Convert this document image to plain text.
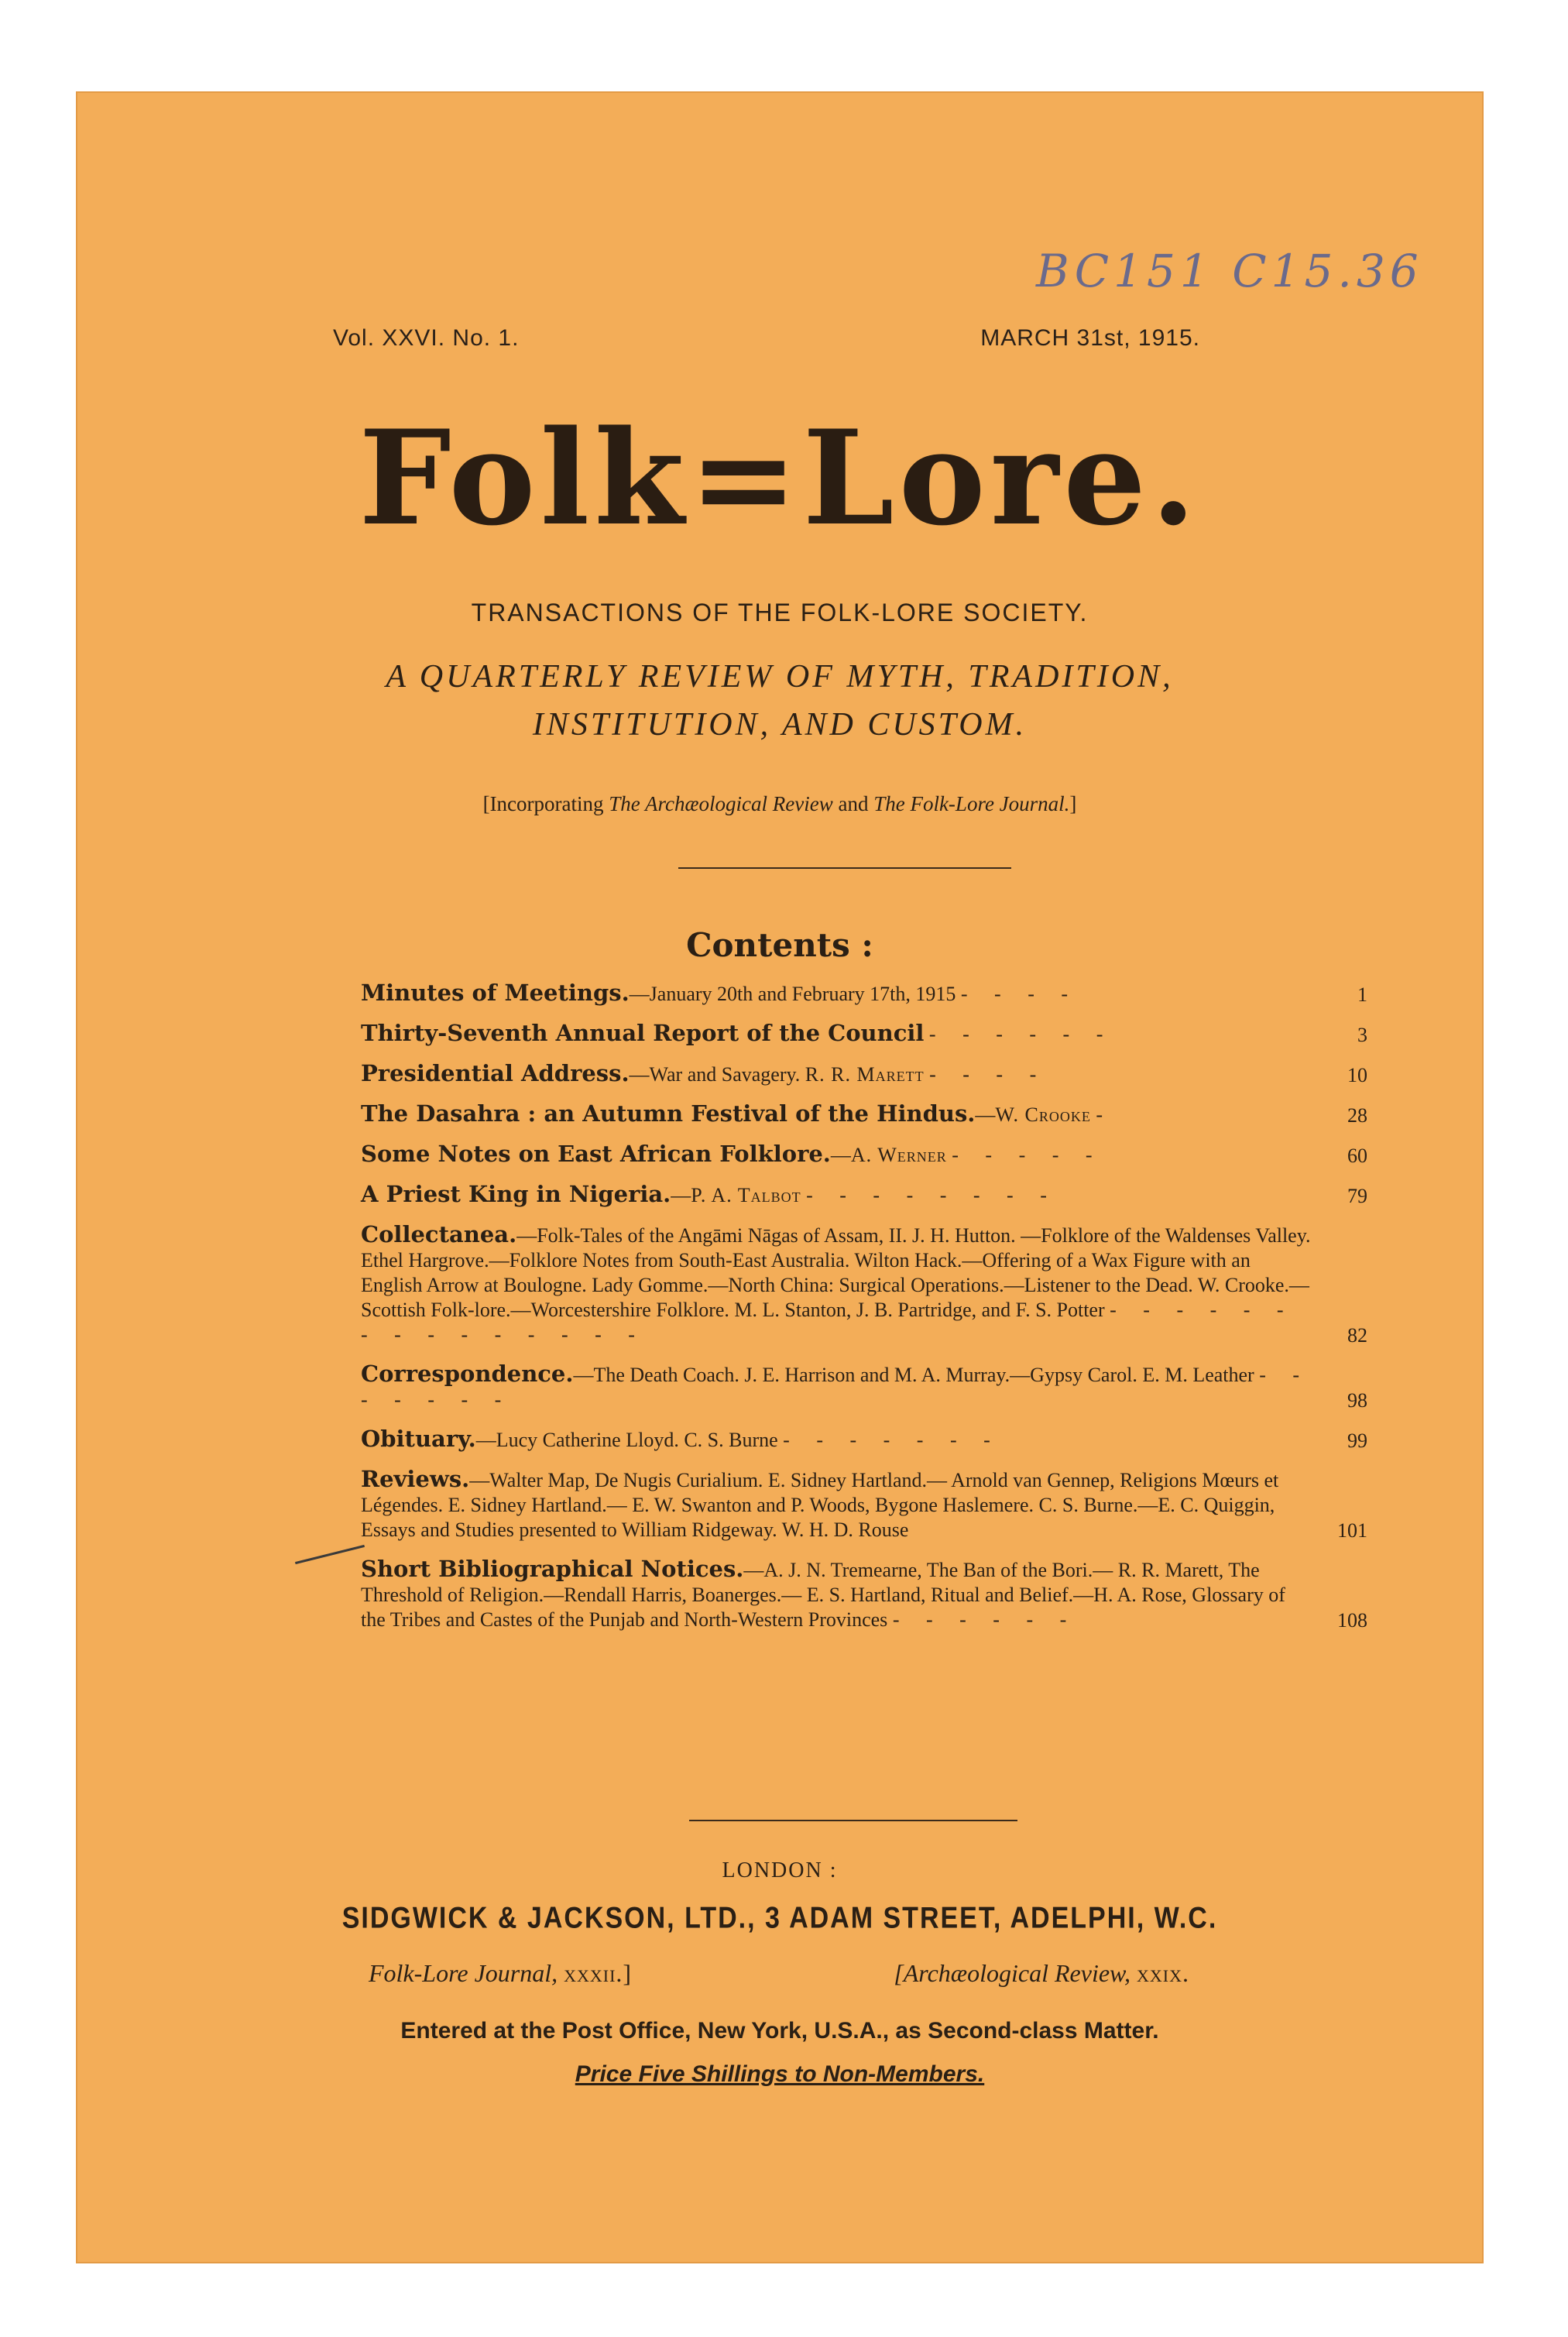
BC151 C15.36
Vol. XXVI. No. 1.	MARCH 31st, 1915.
Folk=Lore.
TRANSACTIONS OF THE FOLK-LORE SOCIETY.
A QUARTERLY REVIEW OF MYTH, TRADITION,
INSTITUTION, AND CUSTOM.
[Incorporating The Archæological Review and The Folk-Lore Journal.]
Contents :
Minutes of Meetings.—January 20th and February 17th, 1915 - - - -	1
Thirty-Seventh Annual Report of the Council - - - - - -	3
Presidential Address.—War and Savagery. R. R. Marett - - - -	10
The Dasahra : an Autumn Festival of the Hindus.—W. Crooke -	28
Some Notes on East African Folklore.—A. Werner - - - - -	60
A Priest King in Nigeria.—P. A. Talbot - - - - - - - -	79
Collectanea.—Folk-Tales of the Angāmi Nāgas of Assam, II. J. H. Hutton. —Folklore of the Waldenses Valley. Ethel Hargrove.—Folklore Notes from South-East Australia. Wilton Hack.—Offering of a Wax Figure with an English Arrow at Boulogne. Lady Gomme.—North China: Surgical Operations.—Listener to the Dead. W. Crooke.—Scottish Folk-lore.—Worcestershire Folklore. M. L. Stanton, J. B. Partridge, and F. S. Potter - - - - - - - - - - - - - - -	82
Correspondence.—The Death Coach. J. E. Harrison and M. A. Murray.—Gypsy Carol. E. M. Leather - - - - - - -	98
Obituary.—Lucy Catherine Lloyd. C. S. Burne - - - - - - -	99
Reviews.—Walter Map, De Nugis Curialium. E. Sidney Hartland.— Arnold van Gennep, Religions Mœurs et Légendes. E. Sidney Hartland.— E. W. Swanton and P. Woods, Bygone Haslemere. C. S. Burne.—E. C. Quiggin, Essays and Studies presented to William Ridgeway. W. H. D. Rouse	101
Short Bibliographical Notices.—A. J. N. Tremearne, The Ban of the Bori.— R. R. Marett, The Threshold of Religion.—Rendall Harris, Boanerges.— E. S. Hartland, Ritual and Belief.—H. A. Rose, Glossary of the Tribes and Castes of the Punjab and North-Western Provinces - - - - - -	108
LONDON :
SIDGWICK & JACKSON, LTD., 3 ADAM STREET, ADELPHI, W.C.
Folk-Lore Journal, xxxii.]	[Archæological Review, xxix.
Entered at the Post Office, New York, U.S.A., as Second-class Matter.
Price Five Shillings to Non-Members.
